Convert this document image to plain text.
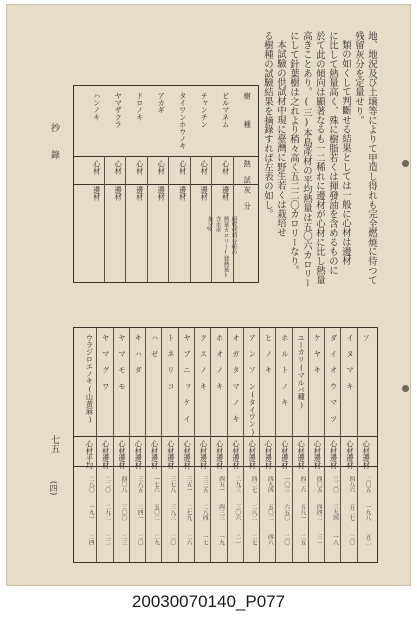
地、地況及び土壌等によりて甲造し得れも完全燃焼に待つて

残留灰分を定量せり。

類の如くして判斷せる結果としては一般に心材は邊材

に比して熱量高く、殊に樹脂若くは揮發油を含めるものに

於て此の傾向は顯著なるも一二稀れに邊材が心材に比し熱量

高きことあり。(三)本島產材の平均熱量は五〇六カロリー

にして針葉樹は之れより稍々高く五二二〇カロリーなり。

本試驗の供試材中現に臺灣に野生若くは栽培せ

る樹種の試驗結果を摘錄すれば左表の如し。

抄錄
七五
(四)
樹　　　種
熱 試
灰 分
ビルマネム
心材
邊材
チャンチン
心材
邊材
タイワンホウノキ
心材
邊材
アカギ
心材
邊材
ドロノキ
心材
邊材
ヤマザクラ
心材
邊材
ハンノキ
心材
邊材
絕乾材料分析の
熱量カロリー(發熱量)
含水率
灰分%
ソ
心材邊材
二〇五
一九八
五二
イ ヌ マ キ
心材邊材
四八六
五二七
二〇
ダ イ オ ウ マ ツ
心材邊材
三二〇
三九四
一八
ケ ヤ キ
心材邊材
四〇五
四四二
三一
ユーカリ(マルバ種)
心材邊材
四二六
五八一
二五
ホ ル ト ノ キ
心材邊材
一〇三
六五〇
二〇
ヒ ノ キ
心材邊材
四九四
五〇二
四六
ア ン ソ ン(タイワン)
心材邊材
四二七
二八二
二七
オ ガ タ マ ノ キ
心材邊材
二九三
三〇六
二一
ホ オ ノ キ
心材邊材
四五一
四三三
一九
ク ス ノ キ
心材邊材
三三五
二八四
一七
ヤ ブ ニ ッ ケ イ
心材邊材
三五一
二七九
二六
ト ネ リ コ
心材邊材
三七八
三八三
二〇
ハ ゼ
心材邊材
一七六
五〇二
二九
キ ハ ダ
心材邊材
三六五
二四一
二〇
ヤ マ モ モ
心材邊材
四〇八
三〇〇
二三
ヤ マ グ ワ
心材邊材
二二〇
二九二
二二
ウラジロエノキ(山黄麻)
心材平均
二八〇
一九一
二四
20030070140_P077
